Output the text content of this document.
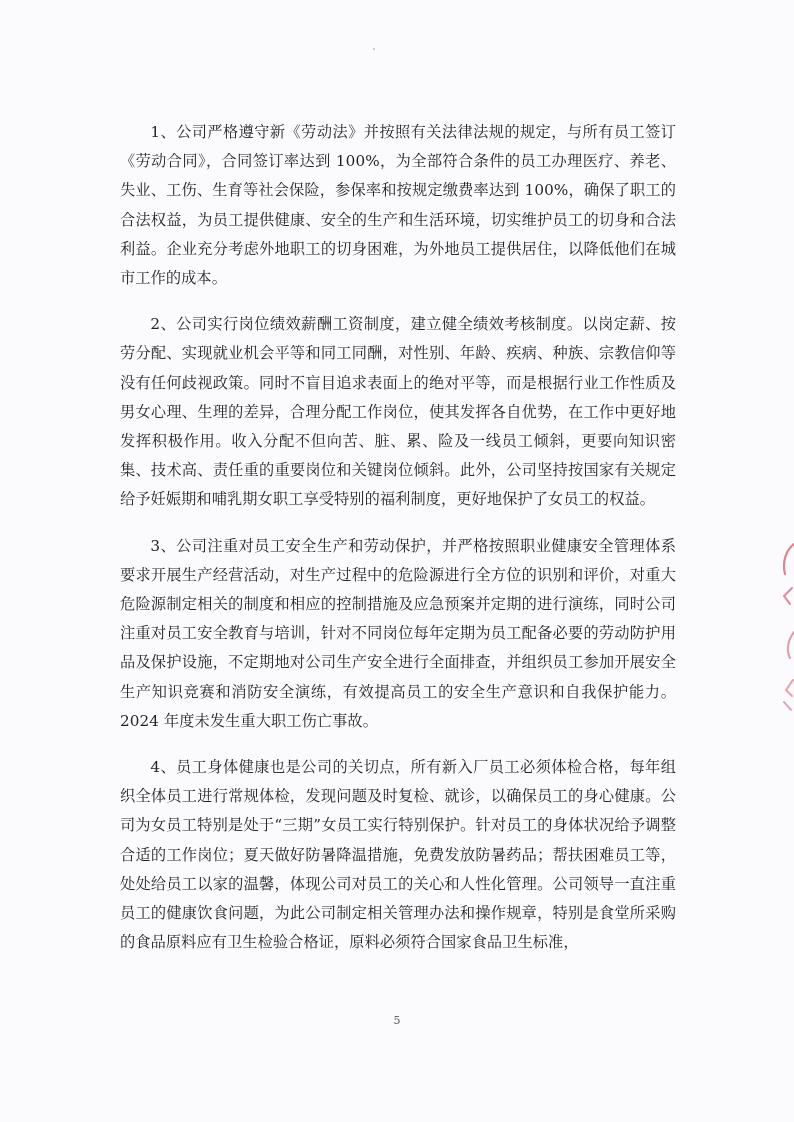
1、公司严格遵守新《劳动法》并按照有关法律法规的规定，与所有员工签订《劳动合同》，合同签订率达到 100%，为全部符合条件的员工办理医疗、养老、失业、工伤、生育等社会保险，参保率和按规定缴费率达到 100%，确保了职工的合法权益，为员工提供健康、安全的生产和生活环境，切实维护员工的切身和合法利益。企业充分考虑外地职工的切身困难，为外地员工提供居住，以降低他们在城市工作的成本。

2、公司实行岗位绩效薪酬工资制度，建立健全绩效考核制度。以岗定薪、按劳分配、实现就业机会平等和同工同酬，对性别、年龄、疾病、种族、宗教信仰等没有任何歧视政策。同时不盲目追求表面上的绝对平等，而是根据行业工作性质及男女心理、生理的差异，合理分配工作岗位，使其发挥各自优势，在工作中更好地发挥积极作用。收入分配不但向苦、脏、累、险及一线员工倾斜，更要向知识密集、技术高、责任重的重要岗位和关键岗位倾斜。此外，公司坚持按国家有关规定给予妊娠期和哺乳期女职工享受特别的福利制度，更好地保护了女员工的权益。

3、公司注重对员工安全生产和劳动保护，并严格按照职业健康安全管理体系要求开展生产经营活动，对生产过程中的危险源进行全方位的识别和评价，对重大危险源制定相关的制度和相应的控制措施及应急预案并定期的进行演练，同时公司注重对员工安全教育与培训，针对不同岗位每年定期为员工配备必要的劳动防护用品及保护设施，不定期地对公司生产安全进行全面排查，并组织员工参加开展安全生产知识竞赛和消防安全演练，有效提高员工的安全生产意识和自我保护能力。2024 年度未发生重大职工伤亡事故。

4、员工身体健康也是公司的关切点，所有新入厂员工必须体检合格，每年组织全体员工进行常规体检，发现问题及时复检、就诊，以确保员工的身心健康。公司为女员工特别是处于“三期”女员工实行特别保护。针对员工的身体状况给予调整合适的工作岗位；夏天做好防暑降温措施，免费发放防暑药品；帮扶困难员工等，处处给员工以家的温馨，体现公司对员工的关心和人性化管理。公司领导一直注重员工的健康饮食问题，为此公司制定相关管理办法和操作规章，特别是食堂所采购的食品原料应有卫生检验合格证，原料必须符合国家食品卫生标准，

5
